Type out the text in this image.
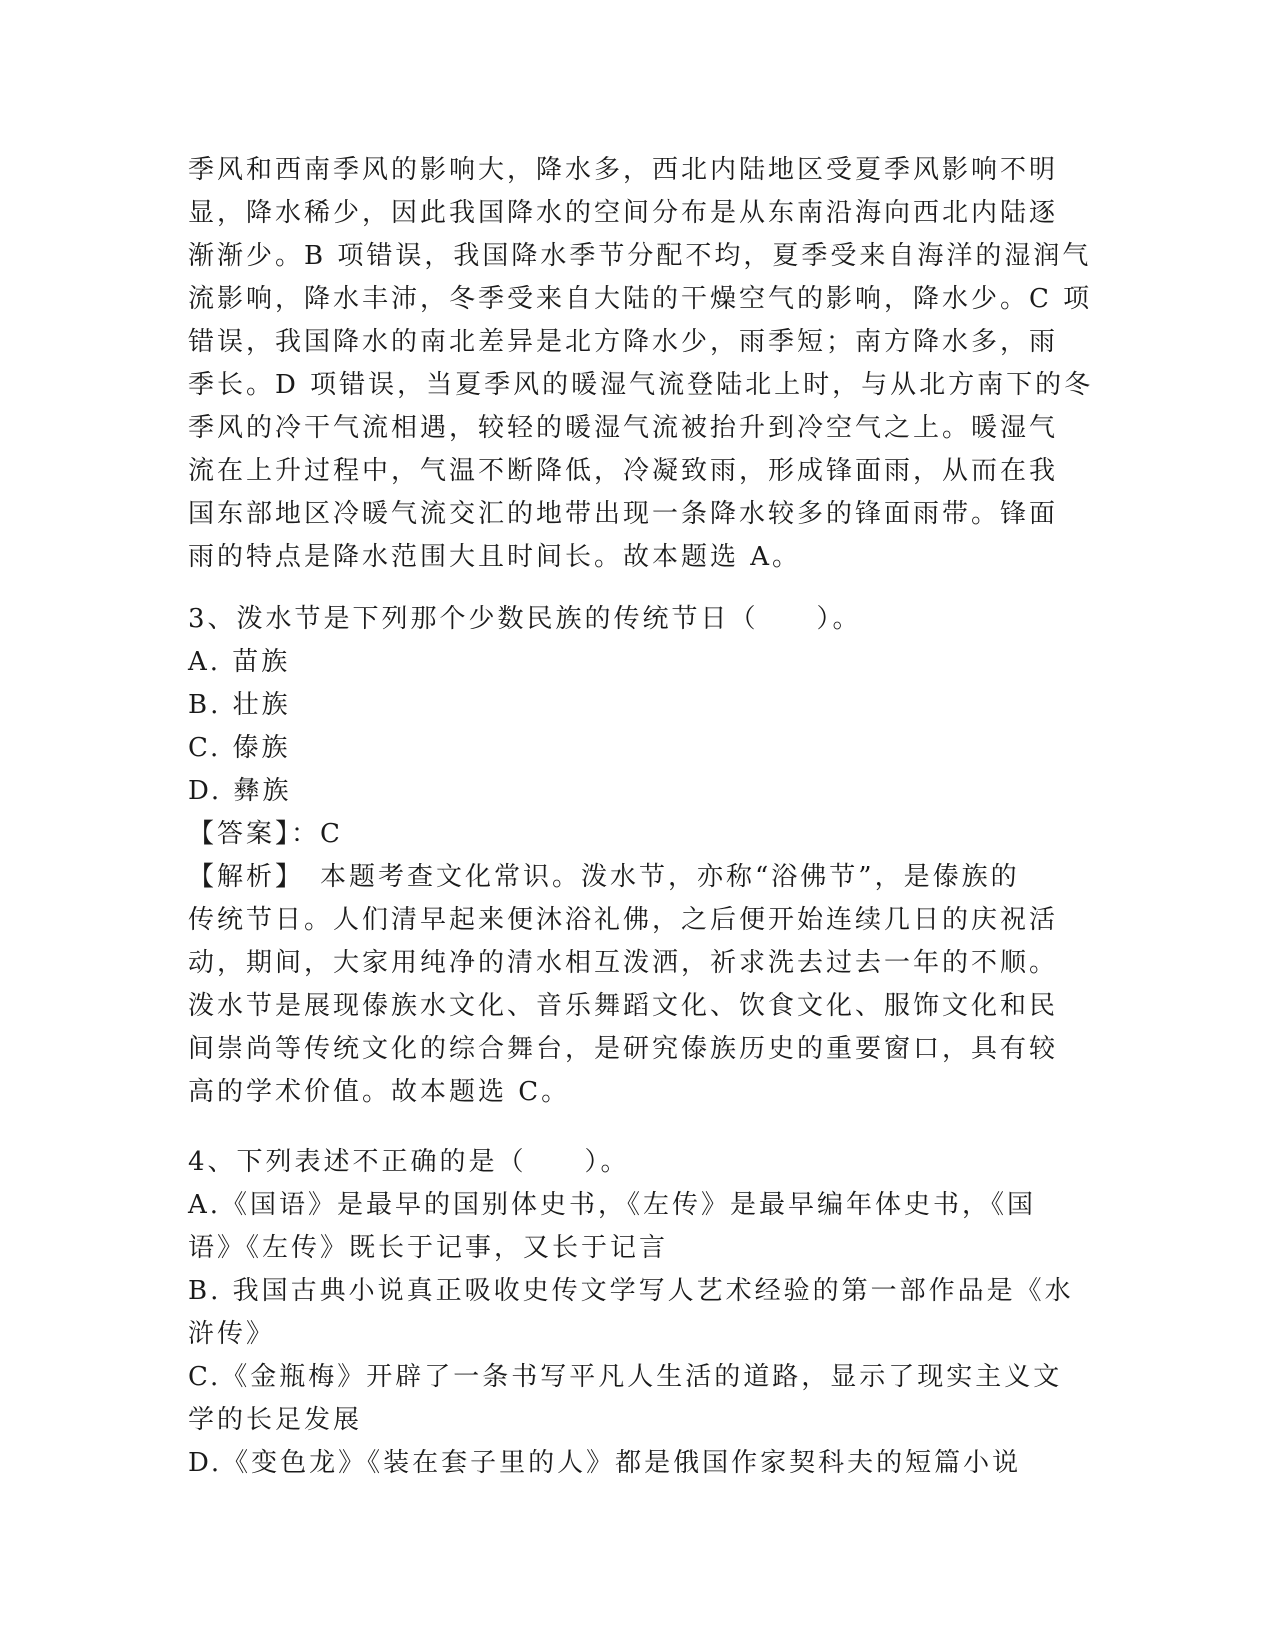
季风和西南季风的影响大，降水多，西北内陆地区受夏季风影响不明
显，降水稀少，因此我国降水的空间分布是从东南沿海向西北内陆逐
渐渐少。B 项错误，我国降水季节分配不均，夏季受来自海洋的湿润气
流影响，降水丰沛，冬季受来自大陆的干燥空气的影响，降水少。C 项
错误，我国降水的南北差异是北方降水少，雨季短；南方降水多，雨
季长。D 项错误，当夏季风的暖湿气流登陆北上时，与从北方南下的冬
季风的冷干气流相遇，较轻的暖湿气流被抬升到冷空气之上。暖湿气
流在上升过程中，气温不断降低，冷凝致雨，形成锋面雨，从而在我
国东部地区冷暖气流交汇的地带出现一条降水较多的锋面雨带。锋面
雨的特点是降水范围大且时间长。故本题选 A。
3、泼水节是下列那个少数民族的传统节日（　　）。
A. 苗族
B. 壮族
C. 傣族
D. 彝族
【答案】：C
【解析】　本题考查文化常识。泼水节，亦称“浴佛节”，是傣族的
传统节日。人们清早起来便沐浴礼佛，之后便开始连续几日的庆祝活
动，期间，大家用纯净的清水相互泼洒，祈求洗去过去一年的不顺。
泼水节是展现傣族水文化、音乐舞蹈文化、饮食文化、服饰文化和民
间崇尚等传统文化的综合舞台，是研究傣族历史的重要窗口，具有较
高的学术价值。故本题选 C。
4、下列表述不正确的是（　　）。
A.《国语》是最早的国别体史书，《左传》是最早编年体史书，《国
语》《左传》既长于记事，又长于记言
B. 我国古典小说真正吸收史传文学写人艺术经验的第一部作品是《水
浒传》
C.《金瓶梅》开辟了一条书写平凡人生活的道路，显示了现实主义文
学的长足发展
D.《变色龙》《装在套子里的人》都是俄国作家契科夫的短篇小说
